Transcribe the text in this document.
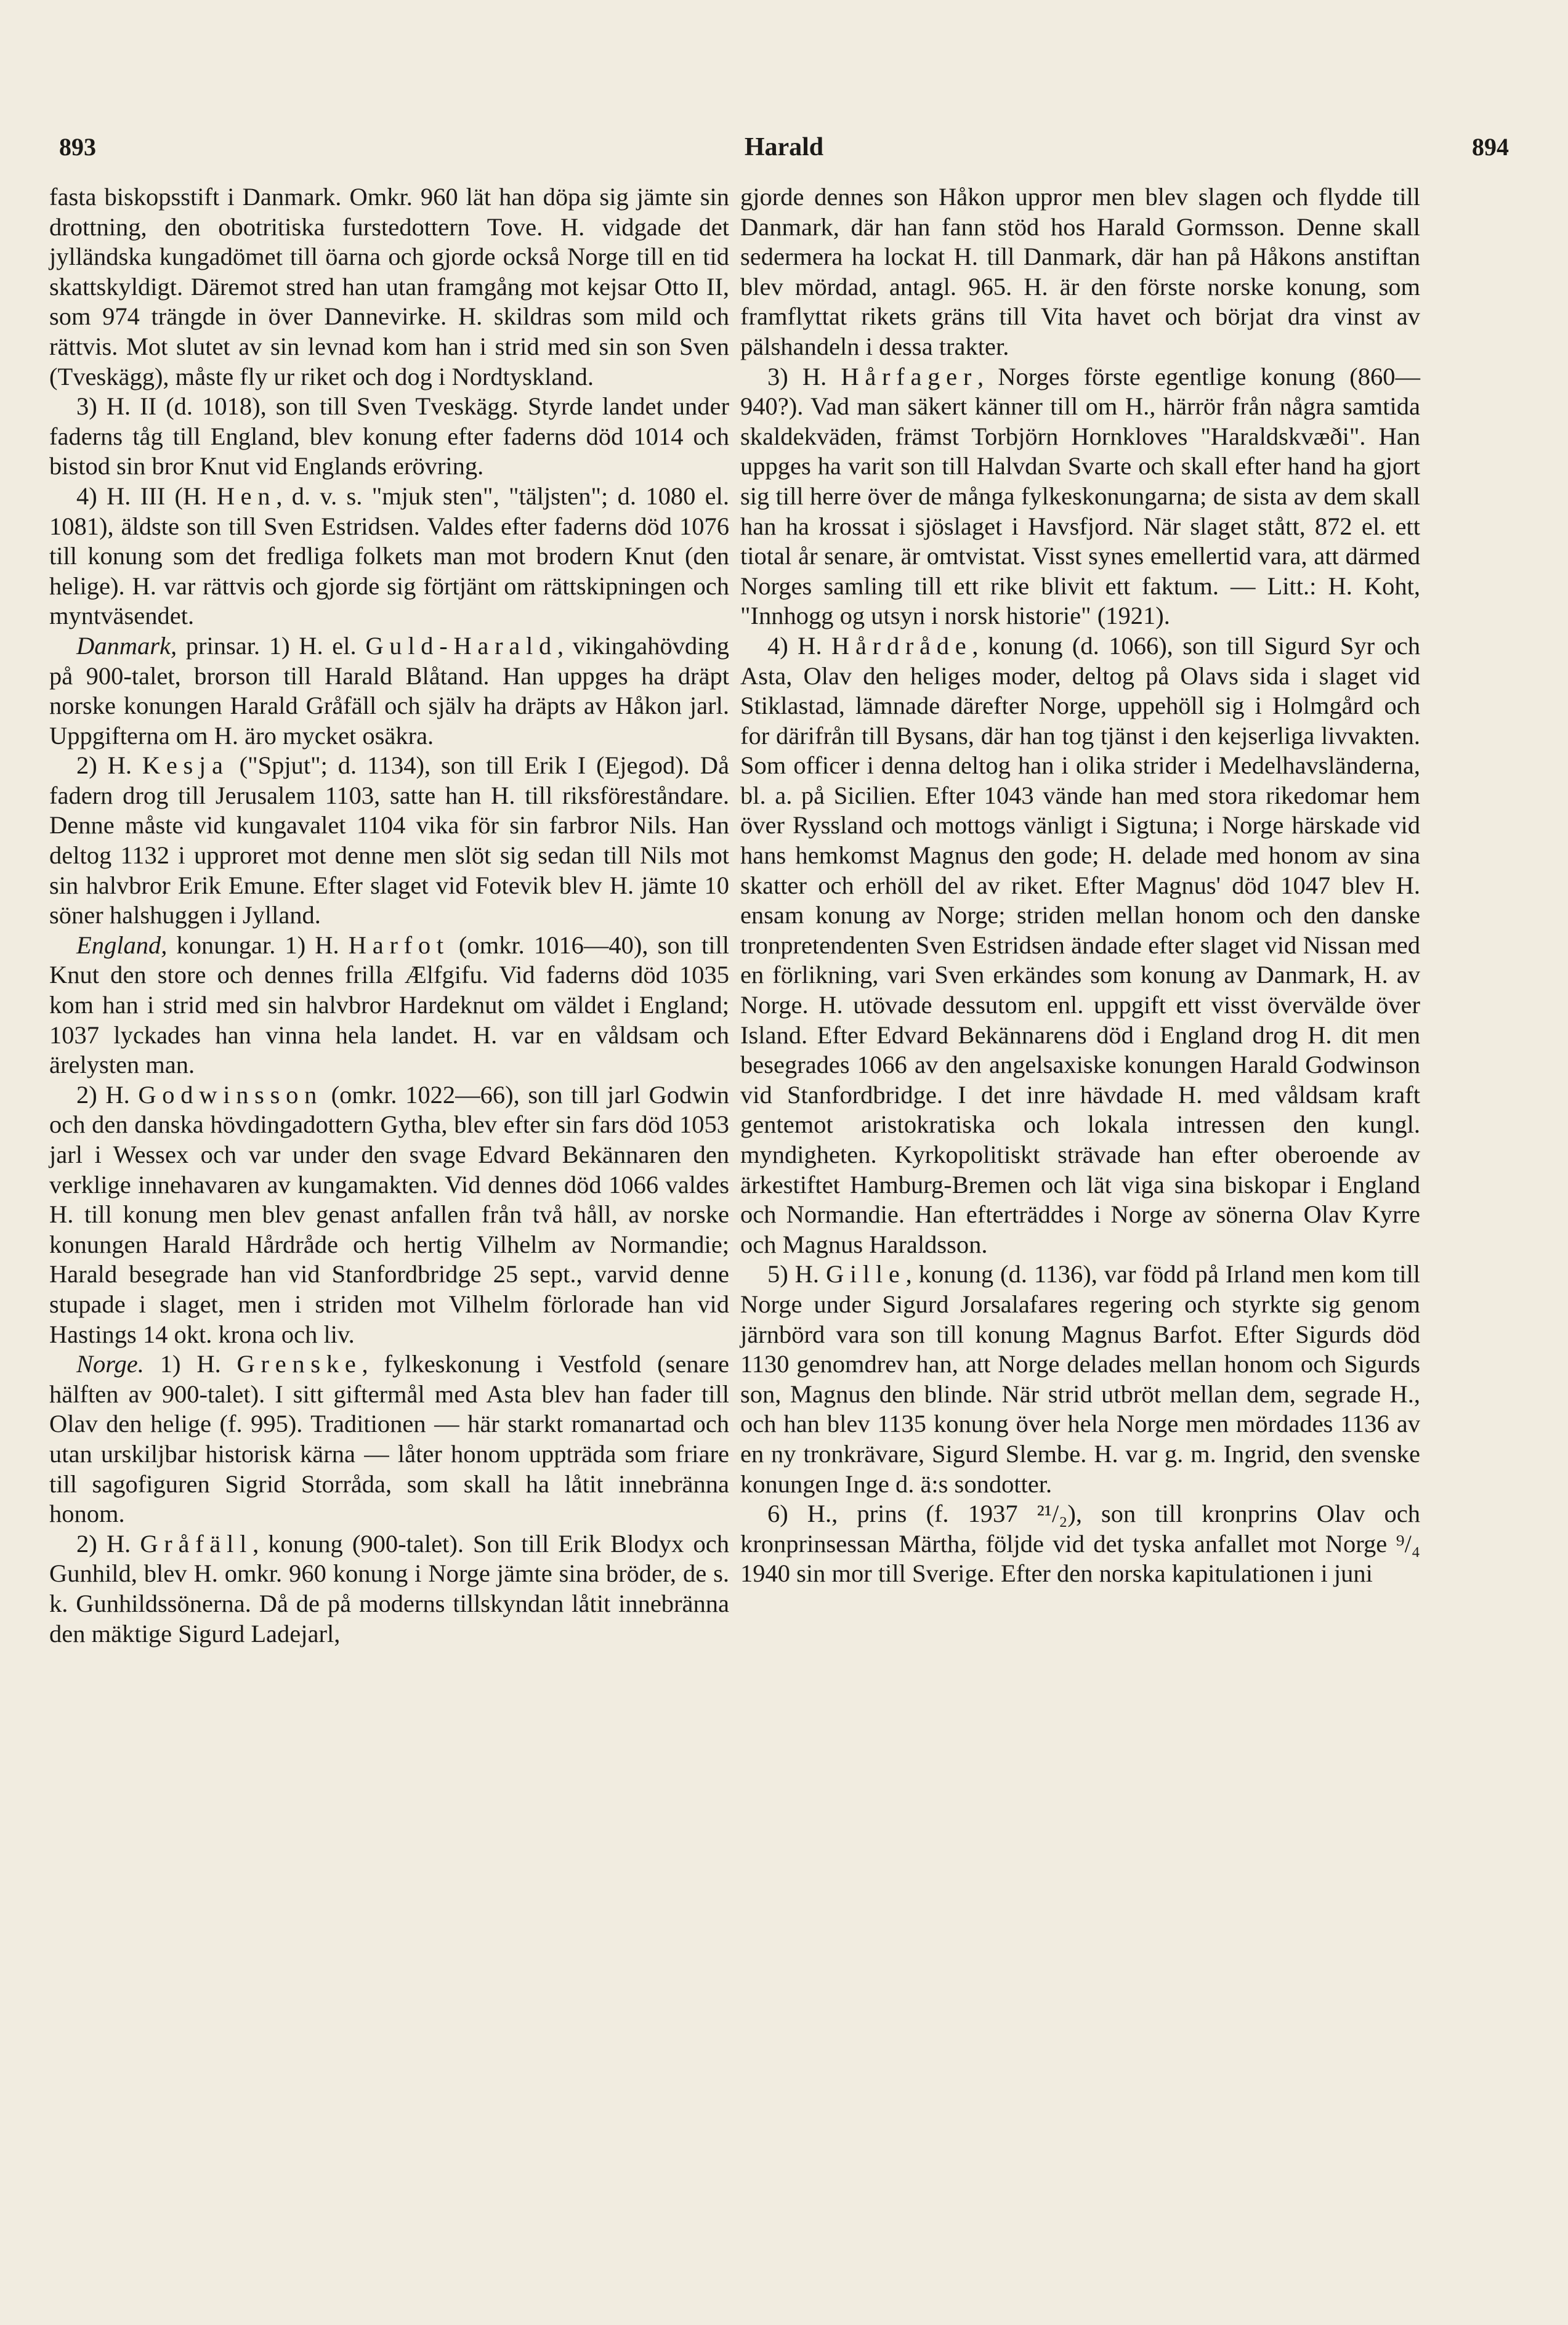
893	Harald	894

fasta biskopsstift i Danmark. Omkr. 960 lät han döpa sig jämte sin drottning, den obotritiska furstedottern Tove. H. vidgade det jylländska kungadömet till öarna och gjorde också Norge till en tid skattskyldigt. Däremot stred han utan framgång mot kejsar Otto II, som 974 trängde in över Dannevirke. H. skildras som mild och rättvis. Mot slutet av sin levnad kom han i strid med sin son Sven (Tveskägg), måste fly ur riket och dog i Nordtyskland.

3) H. II (d. 1018), son till Sven Tveskägg. Styrde landet under faderns tåg till England, blev konung efter faderns död 1014 och bistod sin bror Knut vid Englands erövring.

4) H. III (H. Hen, d. v. s. "mjuk sten", "täljsten"; d. 1080 el. 1081), äldste son till Sven Estridsen. Valdes efter faderns död 1076 till konung som det fredliga folkets man mot brodern Knut (den helige). H. var rättvis och gjorde sig förtjänt om rättskipningen och myntväsendet.

Danmark, prinsar. 1) H. el. Guld-Harald, vikingahövding på 900-talet, brorson till Harald Blåtand. Han uppges ha dräpt norske konungen Harald Gråfäll och själv ha dräpts av Håkon jarl. Uppgifterna om H. äro mycket osäkra.

2) H. Kesja ("Spjut"; d. 1134), son till Erik I (Ejegod). Då fadern drog till Jerusalem 1103, satte han H. till riksföreståndare. Denne måste vid kungavalet 1104 vika för sin farbror Nils. Han deltog 1132 i upproret mot denne men slöt sig sedan till Nils mot sin halvbror Erik Emune. Efter slaget vid Fotevik blev H. jämte 10 söner halshuggen i Jylland.

England, konungar. 1) H. Harfot (omkr. 1016—40), son till Knut den store och dennes frilla Ælfgifu. Vid faderns död 1035 kom han i strid med sin halvbror Hardeknut om väldet i England; 1037 lyckades han vinna hela landet. H. var en våldsam och ärelysten man.

2) H. Godwinsson (omkr. 1022—66), son till jarl Godwin och den danska hövdingadottern Gytha, blev efter sin fars död 1053 jarl i Wessex och var under den svage Edvard Bekännaren den verklige innehavaren av kungamakten. Vid dennes död 1066 valdes H. till konung men blev genast anfallen från två håll, av norske konungen Harald Hårdråde och hertig Vilhelm av Normandie; Harald besegrade han vid Stanfordbridge 25 sept., varvid denne stupade i slaget, men i striden mot Vilhelm förlorade han vid Hastings 14 okt. krona och liv.

Norge. 1) H. Grenske, fylkeskonung i Vestfold (senare hälften av 900-talet). I sitt giftermål med Asta blev han fader till Olav den helige (f. 995). Traditionen — här starkt romanartad och utan urskiljbar historisk kärna — låter honom uppträda som friare till sagofiguren Sigrid Storråda, som skall ha låtit innebränna honom.

2) H. Gråfäll, konung (900-talet). Son till Erik Blodyx och Gunhild, blev H. omkr. 960 konung i Norge jämte sina bröder, de s. k. Gunhildssönerna. Då de på moderns tillskyndan låtit innebränna den mäktige Sigurd Ladejarl,

gjorde dennes son Håkon uppror men blev slagen och flydde till Danmark, där han fann stöd hos Harald Gormsson. Denne skall sedermera ha lockat H. till Danmark, där han på Håkons anstiftan blev mördad, antagl. 965. H. är den förste norske konung, som framflyttat rikets gräns till Vita havet och börjat dra vinst av pälshandeln i dessa trakter.

3) H. Hårfager, Norges förste egentlige konung (860—940?). Vad man säkert känner till om H., härrör från några samtida skaldekväden, främst Torbjörn Hornkloves "Haraldskvæði". Han uppges ha varit son till Halvdan Svarte och skall efter hand ha gjort sig till herre över de många fylkeskonungarna; de sista av dem skall han ha krossat i sjöslaget i Havsfjord. När slaget stått, 872 el. ett tiotal år senare, är omtvistat. Visst synes emellertid vara, att därmed Norges samling till ett rike blivit ett faktum. — Litt.: H. Koht, "Innhogg og utsyn i norsk historie" (1921).

4) H. Hårdråde, konung (d. 1066), son till Sigurd Syr och Asta, Olav den heliges moder, deltog på Olavs sida i slaget vid Stiklastad, lämnade därefter Norge, uppehöll sig i Holmgård och for därifrån till Bysans, där han tog tjänst i den kejserliga livvakten. Som officer i denna deltog han i olika strider i Medelhavsländerna, bl. a. på Sicilien. Efter 1043 vände han med stora rikedomar hem över Ryssland och mottogs vänligt i Sigtuna; i Norge härskade vid hans hemkomst Magnus den gode; H. delade med honom av sina skatter och erhöll del av riket. Efter Magnus' död 1047 blev H. ensam konung av Norge; striden mellan honom och den danske tronpretendenten Sven Estridsen ändade efter slaget vid Nissan med en förlikning, vari Sven erkändes som konung av Danmark, H. av Norge. H. utövade dessutom enl. uppgift ett visst övervälde över Island. Efter Edvard Bekännarens död i England drog H. dit men besegrades 1066 av den angelsaxiske konungen Harald Godwinson vid Stanfordbridge. I det inre hävdade H. med våldsam kraft gentemot aristokratiska och lokala intressen den kungl. myndigheten. Kyrkopolitiskt strävade han efter oberoende av ärkestiftet Hamburg-Bremen och lät viga sina biskopar i England och Normandie. Han efterträddes i Norge av sönerna Olav Kyrre och Magnus Haraldsson.

5) H. Gille, konung (d. 1136), var född på Irland men kom till Norge under Sigurd Jorsalafares regering och styrkte sig genom järnbörd vara son till konung Magnus Barfot. Efter Sigurds död 1130 genomdrev han, att Norge delades mellan honom och Sigurds son, Magnus den blinde. När strid utbröt mellan dem, segrade H., och han blev 1135 konung över hela Norge men mördades 1136 av en ny tronkrävare, Sigurd Slembe. H. var g. m. Ingrid, den svenske konungen Inge d. ä:s sondotter.

6) H., prins (f. 1937 ²¹/₂), son till kronprins Olav och kronprinsessan Märtha, följde vid det tyska anfallet mot Norge ⁹/₄ 1940 sin mor till Sverige. Efter den norska kapitulationen i juni
